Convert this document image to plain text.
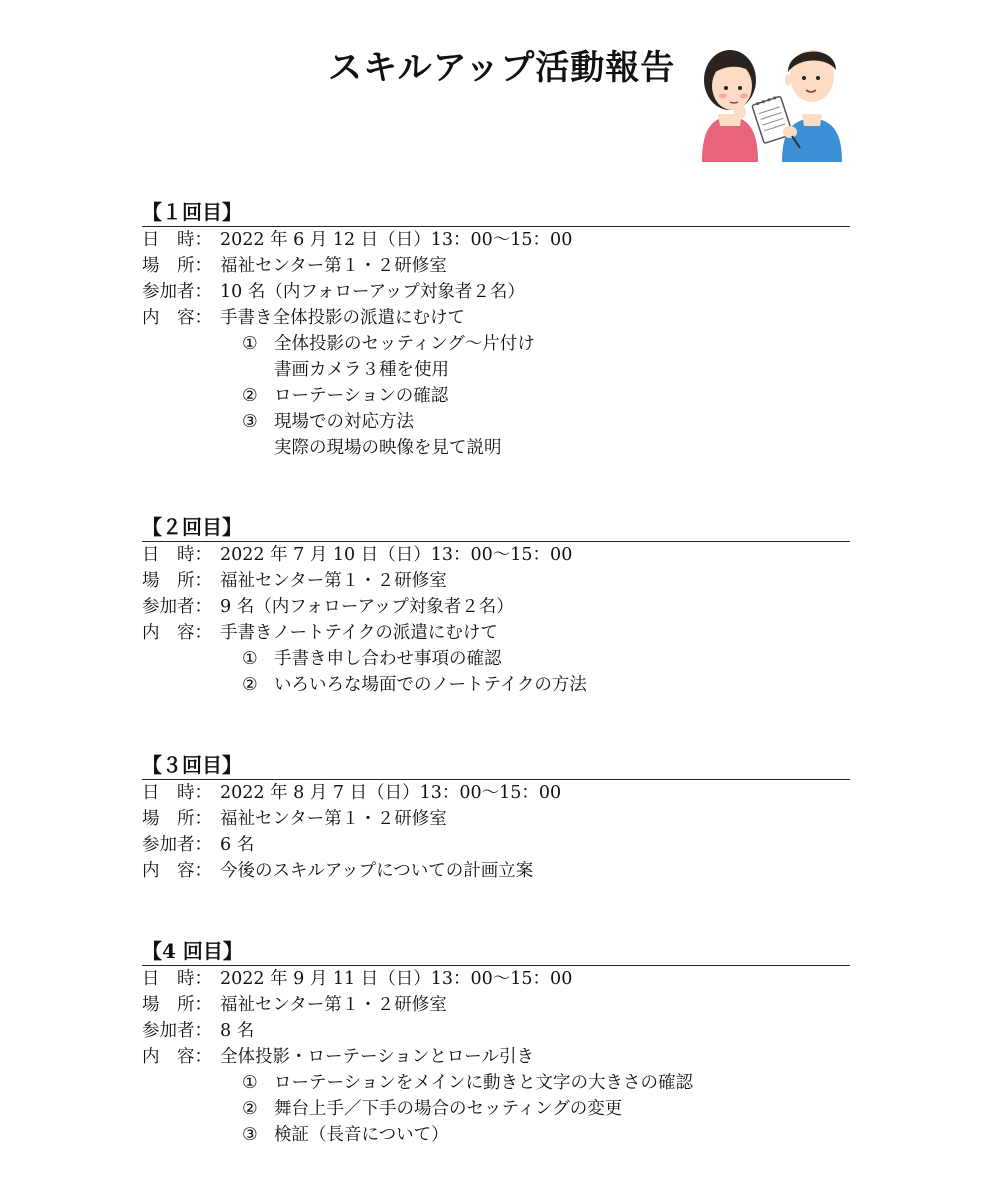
スキルアップ活動報告
【１回目】
日　時： 2022 年 6 月 12 日（日）13：00～15：00
場　所： 福祉センター第１・２研修室
参加者： 10 名（内フォローアップ対象者２名）
内　容： 手書き全体投影の派遣にむけて
① 全体投影のセッティング～片付け
書画カメラ３種を使用
② ローテーションの確認
③ 現場での対応方法
実際の現場の映像を見て説明
【２回目】
日　時： 2022 年 7 月 10 日（日）13：00～15：00
場　所： 福祉センター第１・２研修室
参加者： 9 名（内フォローアップ対象者２名）
内　容： 手書きノートテイクの派遣にむけて
① 手書き申し合わせ事項の確認
② いろいろな場面でのノートテイクの方法
【３回目】
日　時： 2022 年 8 月 7 日（日）13：00～15：00
場　所： 福祉センター第１・２研修室
参加者： 6 名
内　容： 今後のスキルアップについての計画立案
【4 回目】
日　時： 2022 年 9 月 11 日（日）13：00～15：00
場　所： 福祉センター第１・２研修室
参加者： 8 名
内　容： 全体投影・ローテーションとロール引き
① ローテーションをメインに動きと文字の大きさの確認
② 舞台上手／下手の場合のセッティングの変更
③ 検証（長音について）
